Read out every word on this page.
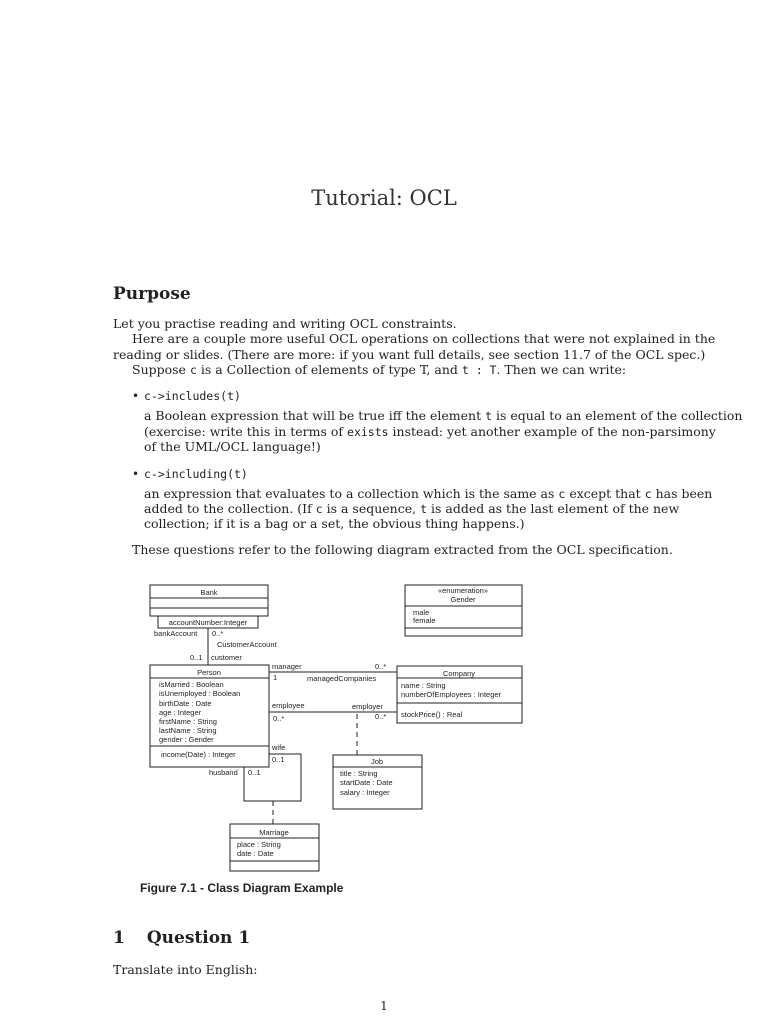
Tutorial: OCL
Purpose
Let you practise reading and writing OCL constraints.
Here are a couple more useful OCL operations on collections that were not explained in the
reading or slides. (There are more: if you want full details, see section 11.7 of the OCL spec.)
Suppose c is a Collection of elements of type T, and t : T. Then we can write:
• c->includes(t)
a Boolean expression that will be true iff the element t is equal to an element of the collection
(exercise: write this in terms of exists instead: yet another example of the non-parsimony
of the UML/OCL language!)
• c->including(t)
an expression that evaluates to a collection which is the same as c except that c has been
added to the collection. (If c is a sequence, t is added as the last element of the new
collection; if it is a bag or a set, the obvious thing happens.)
These questions refer to the following diagram extracted from the OCL specification.
Bank
accountNumber:Integer
bankAccount 0..*
CustomerAccount
0..1 customer
«enumeration»
Gender
male
female
Person
isMarried : Boolean
isUnemployed : Boolean
birthDate : Date
age : Integer
firstName : String
lastName : String
gender : Gender
income(Date) : Integer
manager
1
0..*
managedCompanies
Company
name : String
numberOfEmployees : Integer
stockPrice() : Real
employee
0..*
employer
0..*
Job
title : String
startDate : Date
salary : Integer
wife
0..1
husband 0..1
Marriage
place : String
date : Date
Figure 7.1 - Class Diagram Example
1 Question 1
Translate into English:
1
